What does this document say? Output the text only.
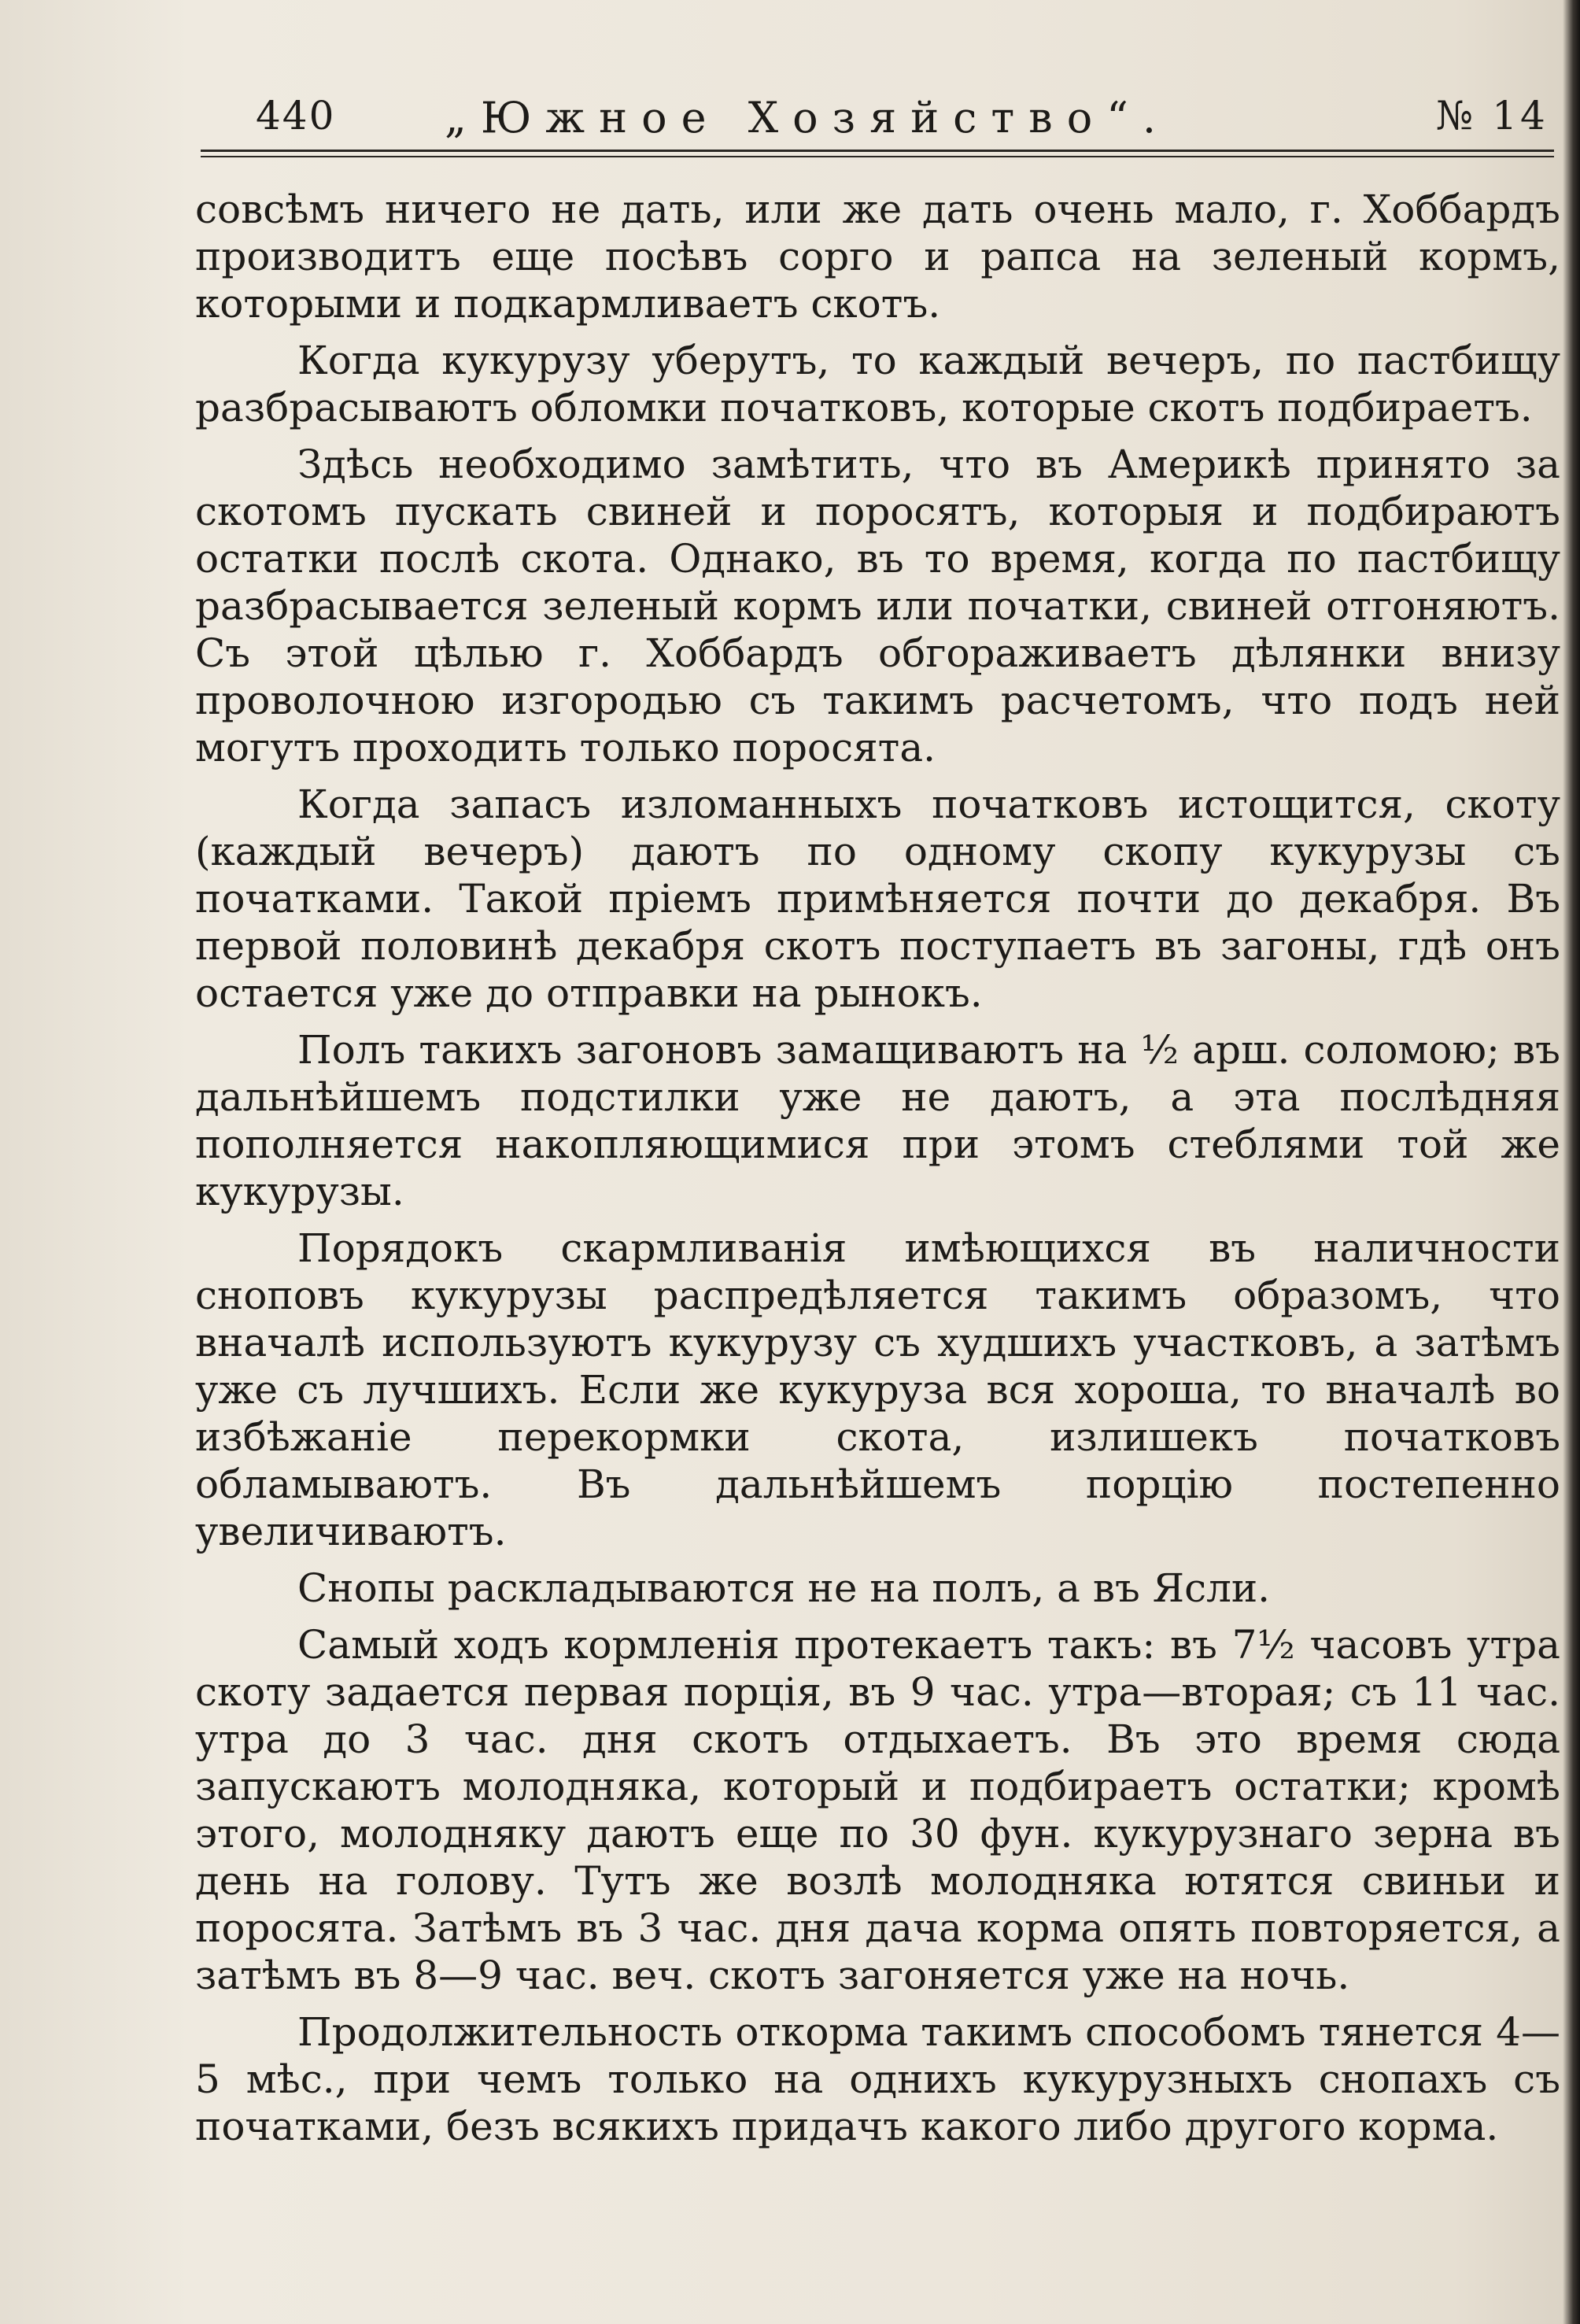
440	„Южное Хозяйство“.	№ 14

совсѣмъ ничего не дать, или же дать очень мало, г. Хоббардъ производитъ еще посѣвъ сорго и рапса на зеленый кормъ, которыми и подкармливаетъ скотъ.

Когда кукурузу уберутъ, то каждый вечеръ, по пастбищу разбрасываютъ обломки початковъ, которые скотъ подбираетъ.

Здѣсь необходимо замѣтить, что въ Америкѣ принято за скотомъ пускать свиней и поросятъ, которыя и подбираютъ остатки послѣ скота. Однако, въ то время, когда по пастбищу разбрасывается зеленый кормъ или початки, свиней отгоняютъ. Съ этой цѣлью г. Хоббардъ обгораживаетъ дѣлянки внизу проволочною изгородью съ такимъ расчетомъ, что подъ ней могутъ проходить только поросята.

Когда запасъ изломанныхъ початковъ истощится, скоту (каждый вечеръ) даютъ по одному скопу кукурузы съ початками. Такой пріемъ примѣняется почти до декабря. Въ первой половинѣ декабря скотъ поступаетъ въ загоны, гдѣ онъ остается уже до отправки на рынокъ.

Полъ такихъ загоновъ замащиваютъ на ½ арш. соломою; въ дальнѣйшемъ подстилки уже не даютъ, а эта послѣдняя пополняется накопляющимися при этомъ стеблями той же кукурузы.

Порядокъ скармливанія имѣющихся въ наличности сноповъ кукурузы распредѣляется такимъ образомъ, что вначалѣ используютъ кукурузу съ худшихъ участковъ, а затѣмъ уже съ лучшихъ. Если же кукуруза вся хороша, то вначалѣ во избѣжаніе перекормки скота, излишекъ початковъ обламываютъ. Въ дальнѣйшемъ порцію постепенно увеличиваютъ.

Снопы раскладываются не на полъ, а въ Ясли.

Самый ходъ кормленія протекаетъ такъ: въ 7½ часовъ утра скоту задается первая порція, въ 9 час. утра—вторая; съ 11 час. утра до 3 час. дня скотъ отдыхаетъ. Въ это время сюда запускаютъ молодняка, который и подбираетъ остатки; кромѣ этого, молодняку даютъ еще по 30 фун. кукурузнаго зерна въ день на голову. Тутъ же возлѣ молодняка ютятся свиньи и поросята. Затѣмъ въ 3 час. дня дача корма опять повторяется, а затѣмъ въ 8—9 час. веч. скотъ загоняется уже на ночь.

Продолжительность откорма такимъ способомъ тянется 4—5 мѣс., при чемъ только на однихъ кукурузныхъ снопахъ съ початками, безъ всякихъ придачъ какого либо другого корма.
